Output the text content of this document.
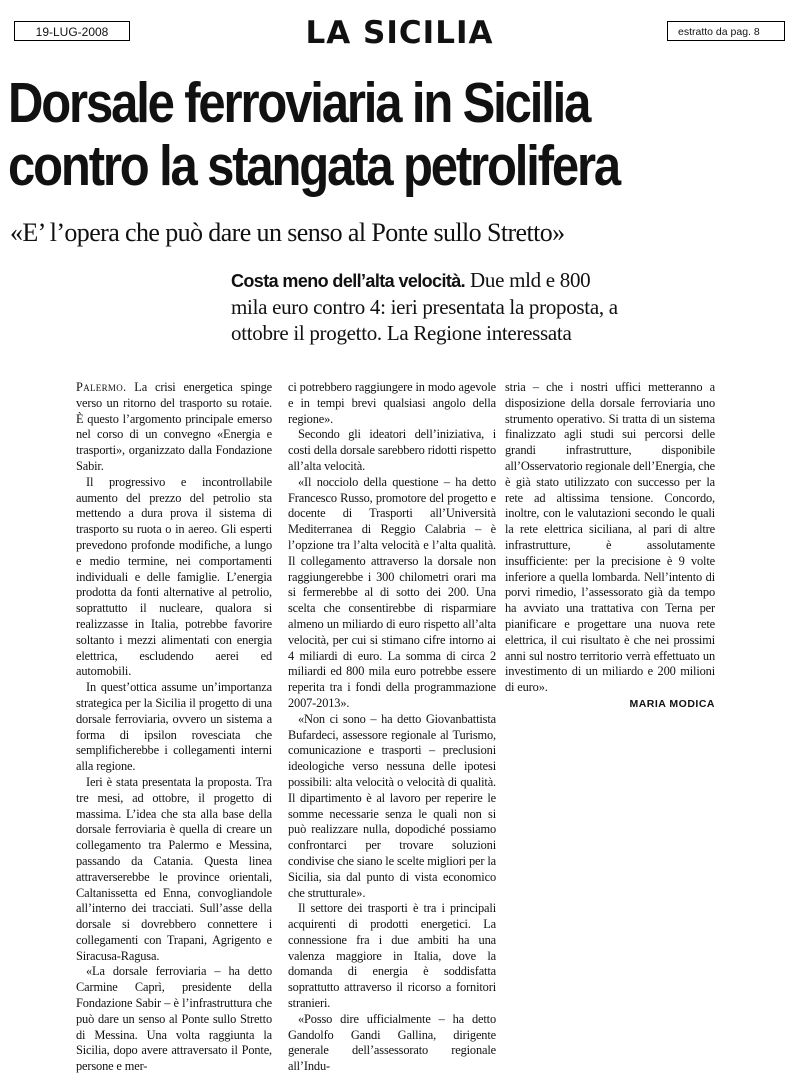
19-LUG-2008	LA SICILIA	estratto da pag. 8
Dorsale ferroviaria in Sicilia
contro la stangata petrolifera
«E’ l’opera che può dare un senso al Ponte sullo Stretto»
Costa meno dell’alta velocità. Due mld e 800 mila euro contro 4: ieri presentata la proposta, a ottobre il progetto. La Regione interessata

Palermo. La crisi energetica spinge verso un ritorno del trasporto su rotaie. È questo l’argomento principale emerso nel corso di un convegno «Energia e trasporti», organizzato dalla Fondazione Sabir.

Il progressivo e incontrollabile aumento del prezzo del petrolio sta mettendo a dura prova il sistema di trasporto su ruota o in aereo. Gli esperti prevedono profonde modifiche, a lungo e medio termine, nei comportamenti individuali e delle famiglie. L’energia prodotta da fonti alternative al petrolio, soprattutto il nucleare, qualora si realizzasse in Italia, potrebbe favorire soltanto i mezzi alimentati con energia elettrica, escludendo aerei ed automobili.

In quest’ottica assume un’importanza strategica per la Sicilia il progetto di una dorsale ferroviaria, ovvero un sistema a forma di ipsilon rovesciata che semplificherebbe i collegamenti interni alla regione.

Ieri è stata presentata la proposta. Tra tre mesi, ad ottobre, il progetto di massima. L’idea che sta alla base della dorsale ferroviaria è quella di creare un collegamento tra Palermo e Messina, passando da Catania. Questa linea attraverserebbe le province orientali, Caltanissetta ed Enna, convogliandole all’interno dei tracciati. Sull’asse della dorsale si dovrebbero connettere i collegamenti con Trapani, Agrigento e Siracusa-Ragusa.

«La dorsale ferroviaria – ha detto Carmine Caprì, presidente della Fondazione Sabir – è l’infrastruttura che può dare un senso al Ponte sullo Stretto di Messina. Una volta raggiunta la Sicilia, dopo avere attraversato il Ponte, persone e mer-

ci potrebbero raggiungere in modo agevole e in tempi brevi qualsiasi angolo della regione».

Secondo gli ideatori dell’iniziativa, i costi della dorsale sarebbero ridotti rispetto all’alta velocità.

«Il nocciolo della questione – ha detto Francesco Russo, promotore del progetto e docente di Trasporti all’Università Mediterranea di Reggio Calabria – è l’opzione tra l’alta velocità e l’alta qualità. Il collegamento attraverso la dorsale non raggiungerebbe i 300 chilometri orari ma si fermerebbe al di sotto dei 200. Una scelta che consentirebbe di risparmiare almeno un miliardo di euro rispetto all’alta velocità, per cui si stimano cifre intorno ai 4 miliardi di euro. La somma di circa 2 miliardi ed 800 mila euro potrebbe essere reperita tra i fondi della programmazione 2007-2013».

«Non ci sono – ha detto Giovanbattista Bufardeci, assessore regionale al Turismo, comunicazione e trasporti – preclusioni ideologiche verso nessuna delle ipotesi possibili: alta velocità o velocità di qualità. Il dipartimento è al lavoro per reperire le somme necessarie senza le quali non si può realizzare nulla, dopodiché possiamo confrontarci per trovare soluzioni condivise che siano le scelte migliori per la Sicilia, sia dal punto di vista economico che strutturale».

Il settore dei trasporti è tra i principali acquirenti di prodotti energetici. La connessione fra i due ambiti ha una valenza maggiore in Italia, dove la domanda di energia è soddisfatta soprattutto attraverso il ricorso a fornitori stranieri.

«Posso dire ufficialmente – ha detto Gandolfo Gandi Gallina, dirigente generale dell’assessorato regionale all’Indu-

stria – che i nostri uffici metteranno a disposizione della dorsale ferroviaria uno strumento operativo. Si tratta di un sistema finalizzato agli studi sui percorsi delle grandi infrastrutture, disponibile all’Osservatorio regionale dell’Energia, che è già stato utilizzato con successo per la rete ad altissima tensione. Concordo, inoltre, con le valutazioni secondo le quali la rete elettrica siciliana, al pari di altre infrastrutture, è assolutamente insufficiente: per la precisione è 9 volte inferiore a quella lombarda. Nell’intento di porvi rimedio, l’assessorato già da tempo ha avviato una trattativa con Terna per pianificare e progettare una nuova rete elettrica, il cui risultato è che nei prossimi anni sul nostro territorio verrà effettuato un investimento di un miliardo e 200 milioni di euro».

MARIA MODICA
